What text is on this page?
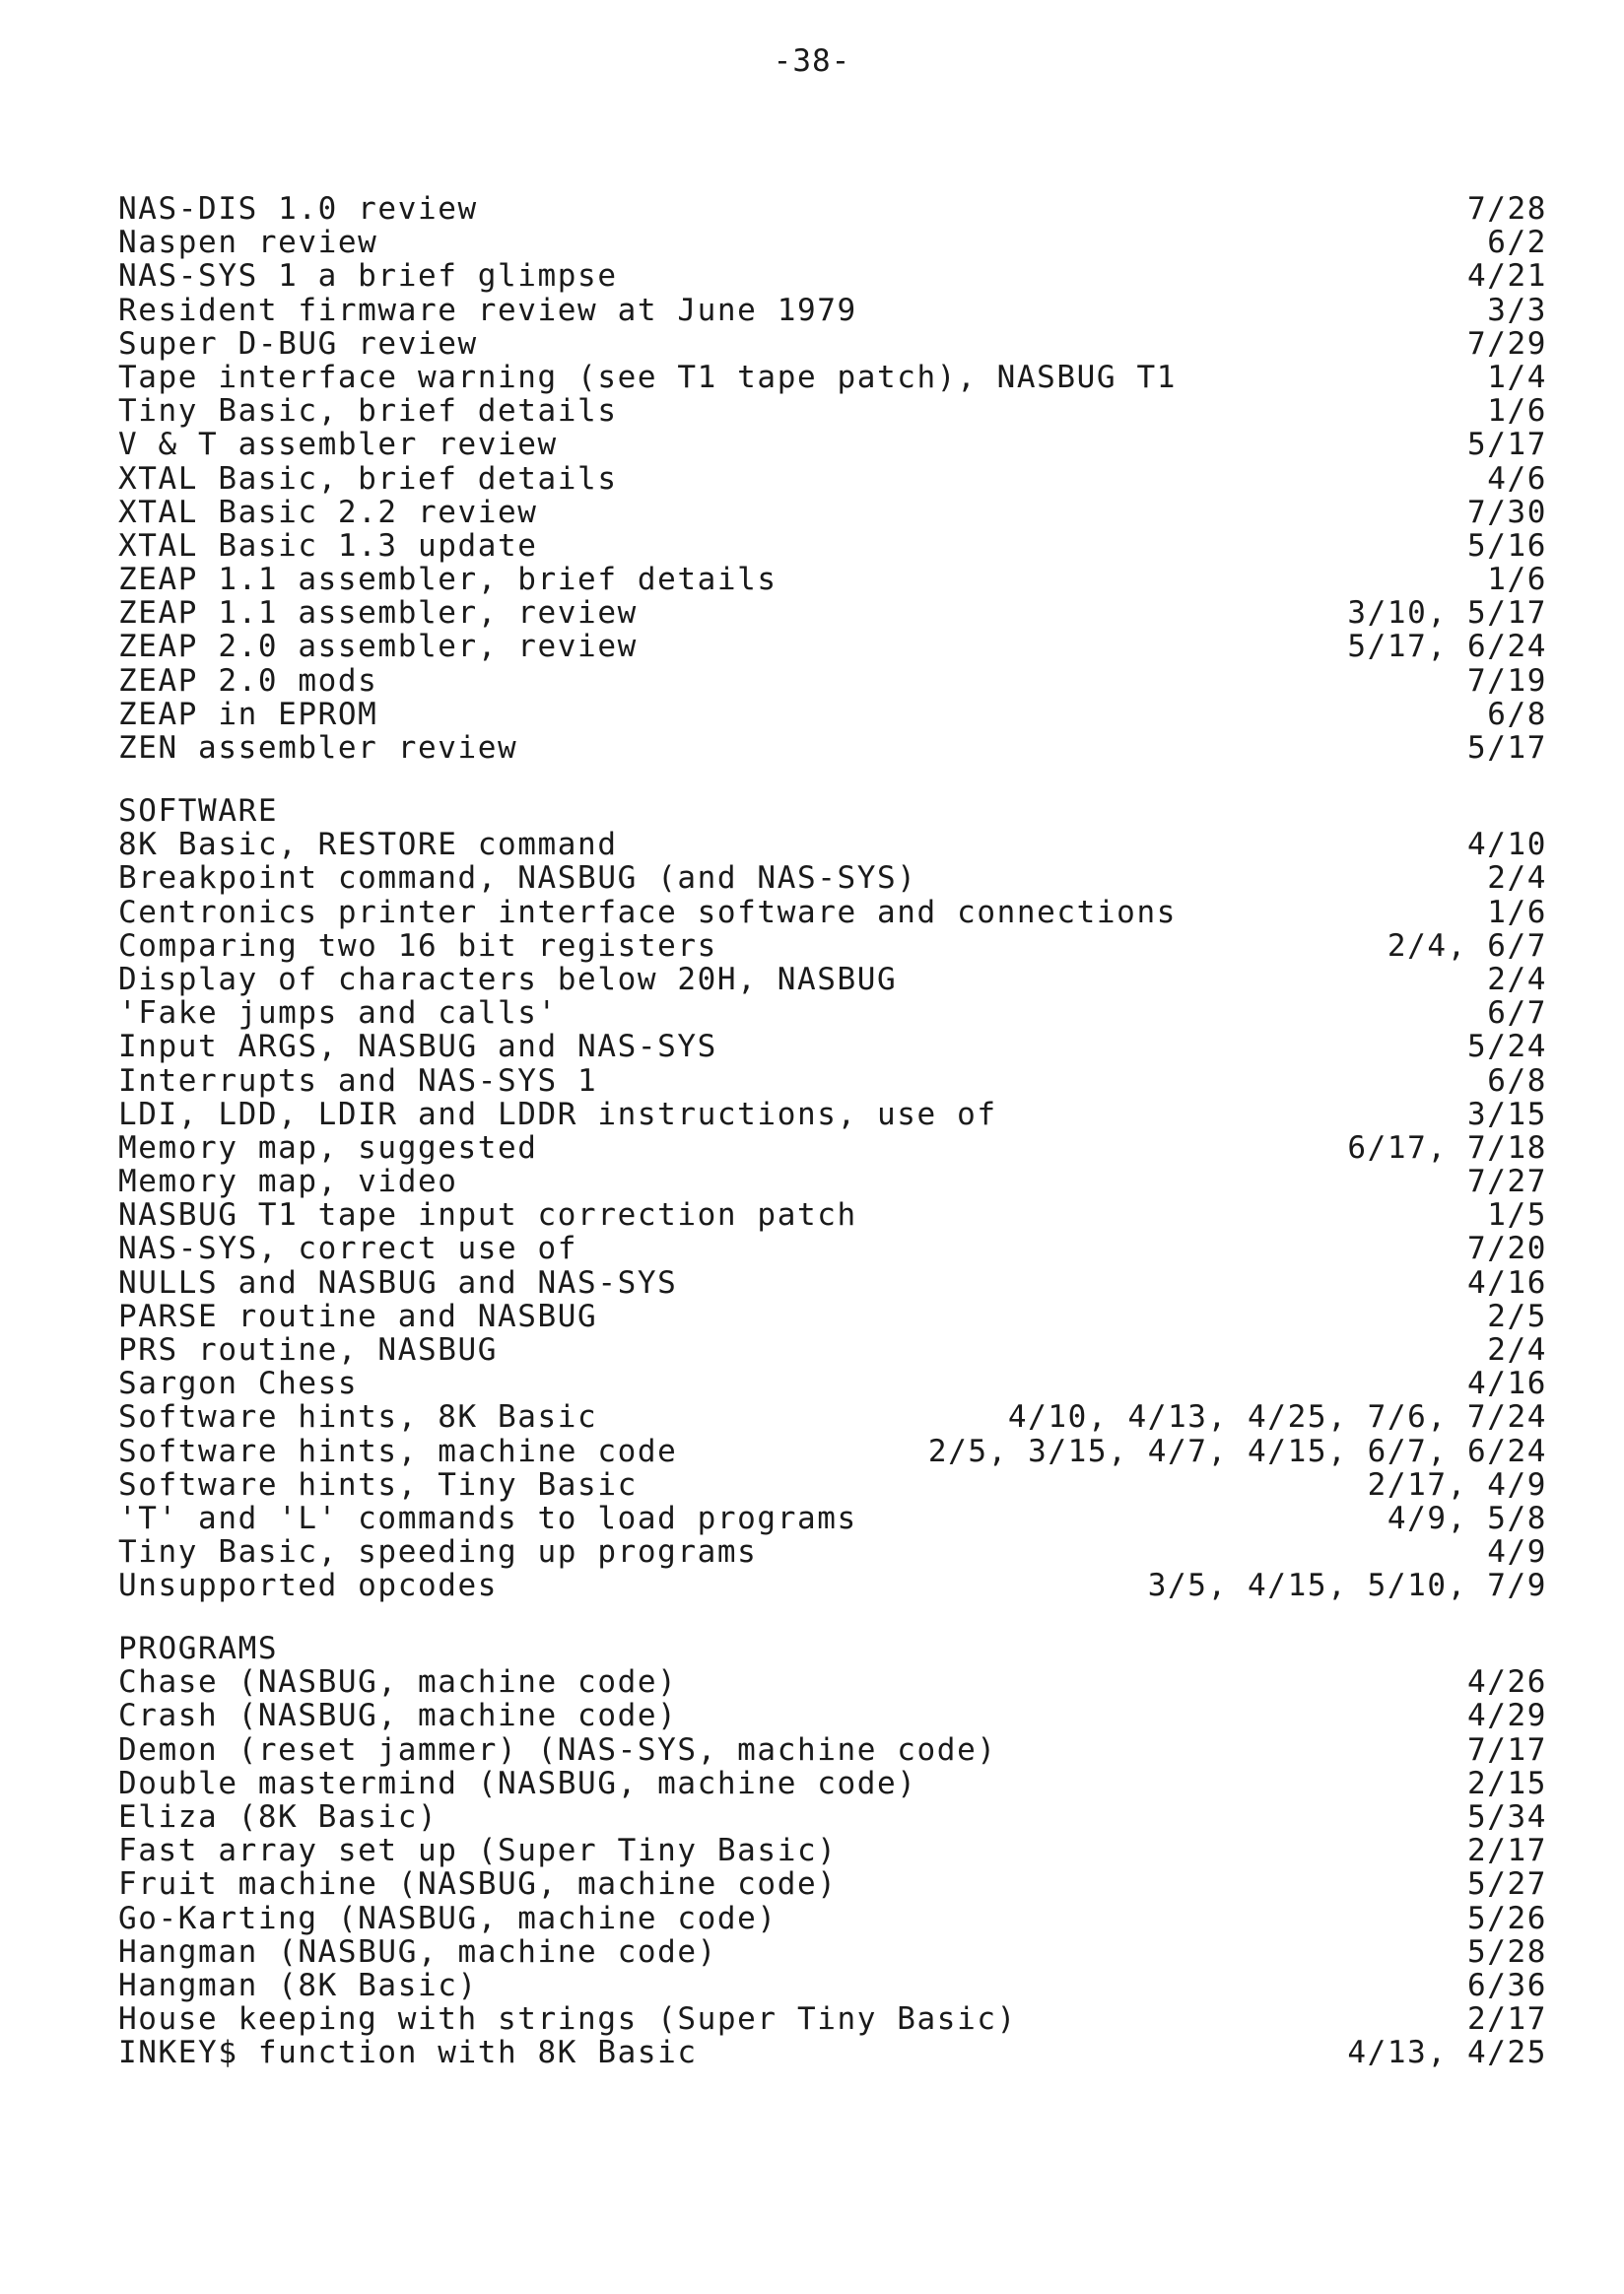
-38-
NAS-DIS 1.0 review	7/28
Naspen review	6/2
NAS-SYS 1 a brief glimpse	4/21
Resident firmware review at June 1979	3/3
Super D-BUG review	7/29
Tape interface warning (see T1 tape patch), NASBUG T1	1/4
Tiny Basic, brief details	1/6
V & T assembler review	5/17
XTAL Basic, brief details	4/6
XTAL Basic 2.2 review	7/30
XTAL Basic 1.3 update	5/16
ZEAP 1.1 assembler, brief details	1/6
ZEAP 1.1 assembler, review	3/10, 5/17
ZEAP 2.0 assembler, review	5/17, 6/24
ZEAP 2.0 mods	7/19
ZEAP in EPROM	6/8
ZEN assembler review	5/17
SOFTWARE
8K Basic, RESTORE command	4/10
Breakpoint command, NASBUG (and NAS-SYS)	2/4
Centronics printer interface software and connections	1/6
Comparing two 16 bit registers	2/4, 6/7
Display of characters below 20H, NASBUG	2/4
'Fake jumps and calls'	6/7
Input ARGS, NASBUG and NAS-SYS	5/24
Interrupts and NAS-SYS 1	6/8
LDI, LDD, LDIR and LDDR instructions, use of	3/15
Memory map, suggested	6/17, 7/18
Memory map, video	7/27
NASBUG T1 tape input correction patch	1/5
NAS-SYS, correct use of	7/20
NULLS and NASBUG and NAS-SYS	4/16
PARSE routine and NASBUG	2/5
PRS routine, NASBUG	2/4
Sargon Chess	4/16
Software hints, 8K Basic	4/10, 4/13, 4/25, 7/6, 7/24
Software hints, machine code	2/5, 3/15, 4/7, 4/15, 6/7, 6/24
Software hints, Tiny Basic	2/17, 4/9
'T' and 'L' commands to load programs	4/9, 5/8
Tiny Basic, speeding up programs	4/9
Unsupported opcodes	3/5, 4/15, 5/10, 7/9
PROGRAMS
Chase (NASBUG, machine code)	4/26
Crash (NASBUG, machine code)	4/29
Demon (reset jammer) (NAS-SYS, machine code)	7/17
Double mastermind (NASBUG, machine code)	2/15
Eliza (8K Basic)	5/34
Fast array set up (Super Tiny Basic)	2/17
Fruit machine (NASBUG, machine code)	5/27
Go-Karting (NASBUG, machine code)	5/26
Hangman (NASBUG, machine code)	5/28
Hangman (8K Basic)	6/36
House keeping with strings (Super Tiny Basic)	2/17
INKEY$ function with 8K Basic	4/13, 4/25
